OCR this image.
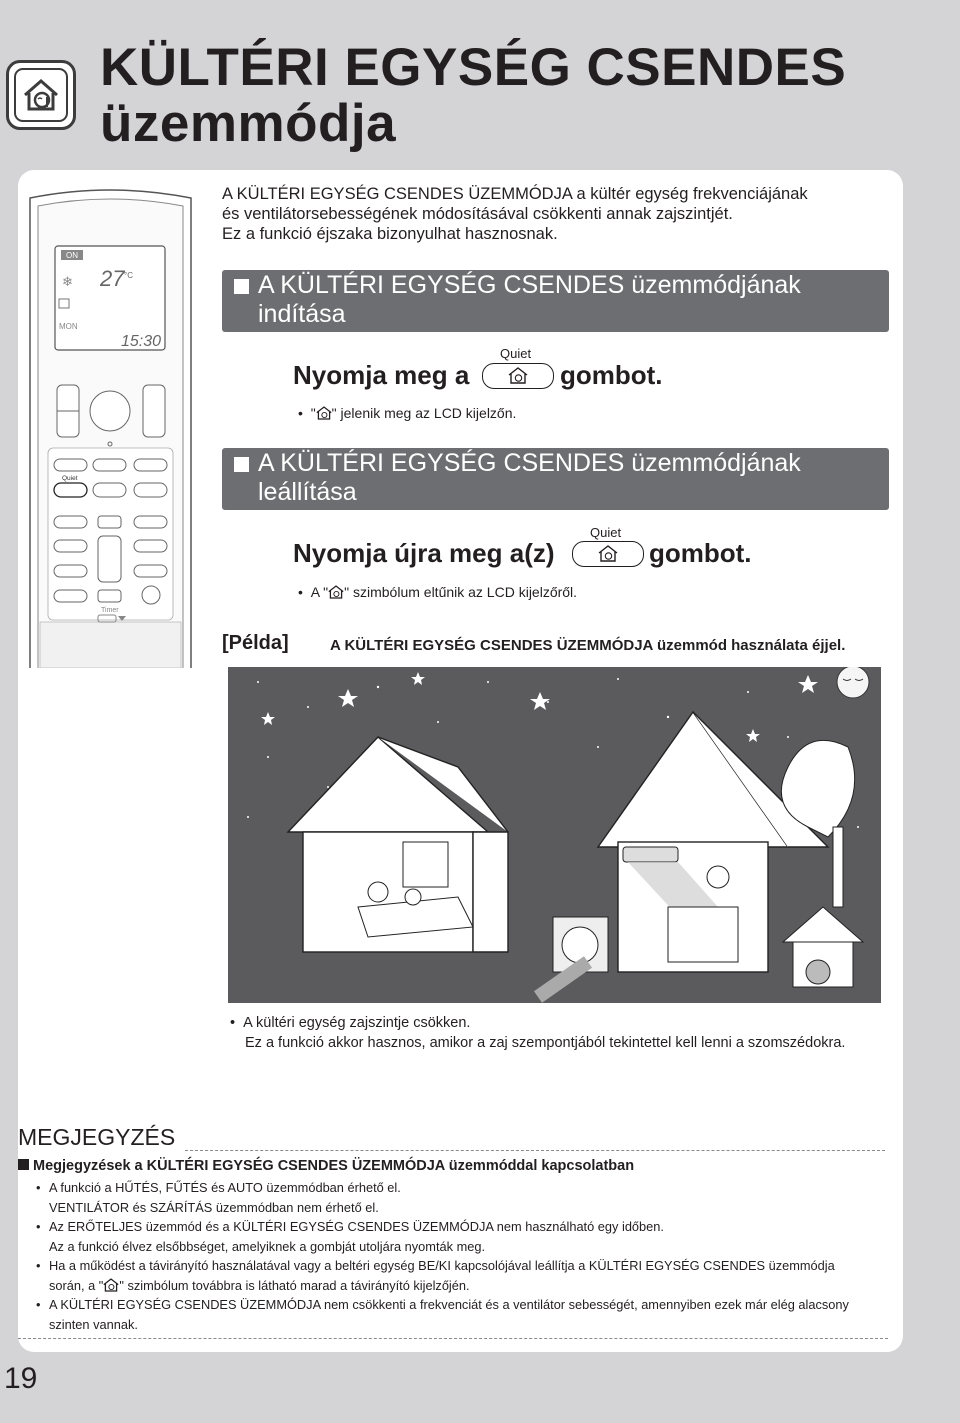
KÜLTÉRI EGYSÉG CSENDES
üzemmódja
ON
27 °C
MON
15:30
❄
Quiet
Timer
A KÜLTÉRI EGYSÉG CSENDES ÜZEMMÓDJA a kültér egység frekvenciájának
és ventilátorsebességének módosításával csökkenti annak zajszintjét.
Ez a funkció éjszaka bizonyulhat hasznosnak.
A KÜLTÉRI EGYSÉG CSENDES üzemmódjának
indítása
Quiet
Nyomja meg a	gombot.
•  " " jelenik meg az LCD kijelzőn.
A KÜLTÉRI EGYSÉG CSENDES üzemmódjának
leállítása
Quiet
Nyomja újra meg a(z)	gombot.
•  A " " szimbólum eltűnik az LCD kijelzőről.
[Példa]	A KÜLTÉRI EGYSÉG CSENDES ÜZEMMÓDJA üzemmód használata éjjel.
•  A kültéri egység zajszintje csökken.
Ez a funkció akkor hasznos, amikor a zaj szempontjából tekintettel kell lenni a szomszédokra.
MEGJEGYZÉS
Megjegyzések a KÜLTÉRI EGYSÉG CSENDES ÜZEMMÓDJA üzemmóddal kapcsolatban
• A funkció a HŰTÉS, FŰTÉS és AUTO üzemmódban érhető el.
VENTILÁTOR és SZÁRÍTÁS üzemmódban nem érhető el.
• Az ERŐTELJES üzemmód és a KÜLTÉRI EGYSÉG CSENDES ÜZEMMÓDJA nem használható egy időben.
Az a funkció élvez elsőbbséget, amelyiknek a gombját utoljára nyomták meg.
• Ha a működést a távirányító használatával vagy a beltéri egység BE/KI kapcsolójával leállítja a KÜLTÉRI EGYSÉG CSENDES üzemmódja
során, a " " szimbólum továbbra is látható marad a távirányító kijelzőjén.
• A KÜLTÉRI EGYSÉG CSENDES ÜZEMMÓDJA nem csökkenti a frekvenciát és a ventilátor sebességét, amennyiben ezek már elég alacsony
szinten vannak.
19
